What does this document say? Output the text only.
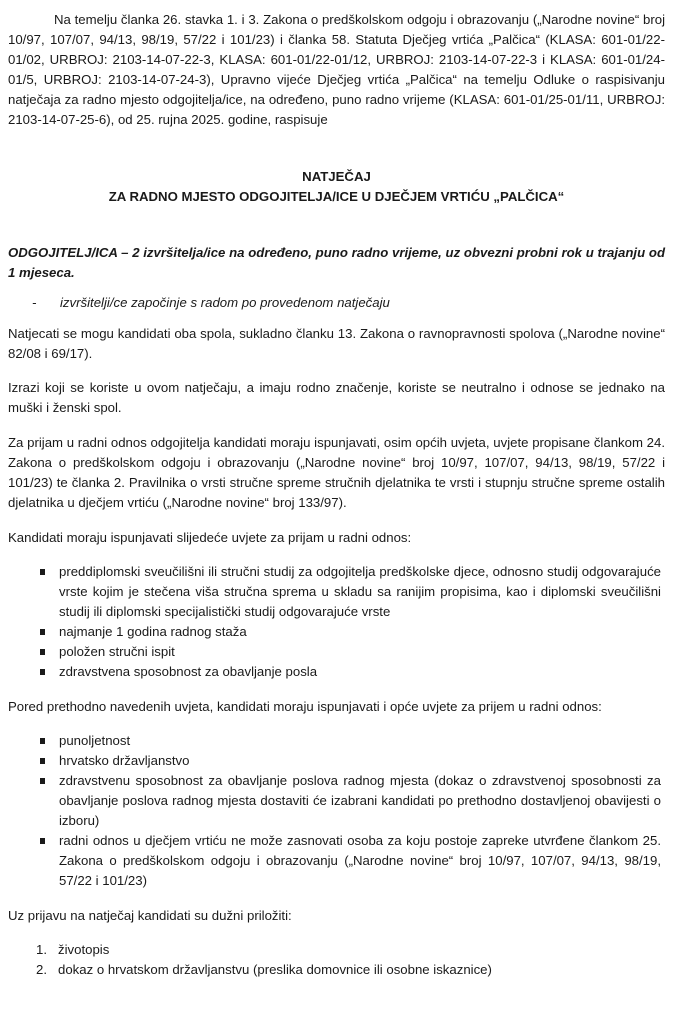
Na temelju članka 26. stavka 1. i 3. Zakona o predškolskom odgoju i obrazovanju („Narodne novine“ broj 10/97, 107/07, 94/13, 98/19, 57/22 i 101/23) i članka 58. Statuta Dječjeg vrtića „Palčica“ (KLASA: 601-01/22-01/02, URBROJ: 2103-14-07-22-3, KLASA: 601-01/22-01/12, URBROJ: 2103-14-07-22-3 i KLASA: 601-01/24-01/5, URBROJ: 2103-14-07-24-3), Upravno vijeće Dječjeg vrtića „Palčica“ na temelju Odluke o raspisivanju natječaja za radno mjesto odgojitelja/ice, na određeno, puno radno vrijeme (KLASA: 601-01/25-01/11, URBROJ: 2103-14-07-25-6), od 25. rujna 2025. godine, raspisuje

NATJEČAJ
ZA RADNO MJESTO ODGOJITELJA/ICE U DJEČJEM VRTIĆU „PALČICA“

ODGOJITELJ/ICA – 2 izvršitelja/ice na određeno, puno radno vrijeme, uz obvezni probni rok u trajanju od 1 mjeseca.

-	izvršitelji/ce započinje s radom po provedenom natječaju

Natjecati se mogu kandidati oba spola, sukladno članku 13. Zakona o ravnopravnosti spolova („Narodne novine“ 82/08 i 69/17).

Izrazi koji se koriste u ovom natječaju, a imaju rodno značenje, koriste se neutralno i odnose se jednako na muški i ženski spol.

Za prijam u radni odnos odgojitelja kandidati moraju ispunjavati, osim općih uvjeta, uvjete propisane člankom 24. Zakona o predškolskom odgoju i obrazovanju („Narodne novine“ broj 10/97, 107/07, 94/13, 98/19, 57/22 i 101/23) te članka 2. Pravilnika o vrsti stručne spreme stručnih djelatnika te vrsti i stupnju stručne spreme ostalih djelatnika u dječjem vrtiću („Narodne novine“ broj 133/97).

Kandidati moraju ispunjavati slijedeće uvjete za prijam u radni odnos:

preddiplomski sveučilišni ili stručni studij za odgojitelja predškolske djece, odnosno studij odgovarajuće vrste kojim je stečena viša stručna sprema u skladu sa ranijim propisima, kao i diplomski sveučilišni studij ili diplomski specijalistički studij odgovarajuće vrste
najmanje 1 godina radnog staža
položen stručni ispit
zdravstvena sposobnost za obavljanje posla

Pored prethodno navedenih uvjeta, kandidati moraju ispunjavati i opće uvjete za prijem u radni odnos:

punoljetnost
hrvatsko državljanstvo
zdravstvenu sposobnost za obavljanje poslova radnog mjesta (dokaz o zdravstvenoj sposobnosti za obavljanje poslova radnog mjesta dostaviti će izabrani kandidati po prethodno dostavljenoj obavijesti o izboru)
radni odnos u dječjem vrtiću ne može zasnovati osoba za koju postoje zapreke utvrđene člankom 25. Zakona o predškolskom odgoju i obrazovanju („Narodne novine“ broj 10/97, 107/07, 94/13, 98/19, 57/22 i 101/23)

Uz prijavu na natječaj kandidati su dužni priložiti:

1. životopis
2. dokaz o hrvatskom državljanstvu (preslika domovnice ili osobne iskaznice)
